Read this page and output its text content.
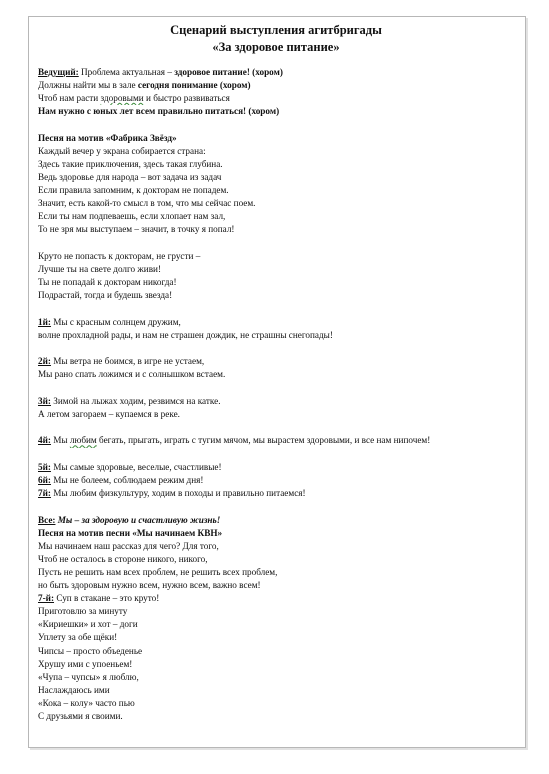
Сценарий выступления агитбригады
«За здоровое питание»
Ведущий: Проблема актуальная – здоровое питание! (хором)
Должны найти мы в зале сегодня понимание (хором)
Чтоб нам расти здоровыми и быстро развиваться
Нам нужно с юных лет всем правильно питаться! (хором)
Песня на мотив «Фабрика Звёзд»
Каждый вечер у экрана собирается страна:
Здесь такие приключения, здесь такая глубина.
Ведь здоровье для народа – вот задача из задач
Если правила запомним, к докторам не попадем.
Значит, есть какой-то смысл в том, что мы сейчас поем.
Если ты нам подпеваешь, если хлопает нам зал,
То не зря мы выступаем – значит, в точку я попал!
Круто не попасть к докторам, не грусти –
Лучше ты на свете долго живи!
Ты не попадай к докторам никогда!
Подрастай, тогда и будешь звезда!
1й: Мы с красным солнцем дружим,
волне прохладной рады, и нам не страшен дождик, не страшны снегопады!
2й: Мы ветра не боимся, в игре не устаем,
Мы рано спать ложимся и с солнышком встаем.
3й: Зимой на лыжах ходим, резвимся на катке.
А летом загораем – купаемся в реке.
4й: Мы любим бегать, прыгать, играть с тугим мячом, мы вырастем здоровыми, и все нам нипочем!
5й: Мы самые здоровые, веселые, счастливые!
6й: Мы не болеем, соблюдаем режим дня!
7й: Мы любим физкультуру, ходим в походы и правильно питаемся!
Все: Мы – за здоровую и счастливую жизнь!
Песня на мотив песни «Мы начинаем КВН»
Мы начинаем наш рассказ для чего? Для того,
Чтоб не осталось в стороне никого, никого,
Пусть не решить нам всех проблем, не решить всех проблем,
но быть здоровым нужно всем, нужно всем, важно всем!
7-й: Суп в стакане – это круто!
Приготовлю за минуту
«Кириешки» и хот – доги
Уплету за обе щёки!
Чипсы – просто объеденье
Хрушу ими с упоеньем!
«Чупа – чупсы» я люблю,
Наслаждаюсь ими
«Кока – колу» часто пью
С друзьями я своими.
